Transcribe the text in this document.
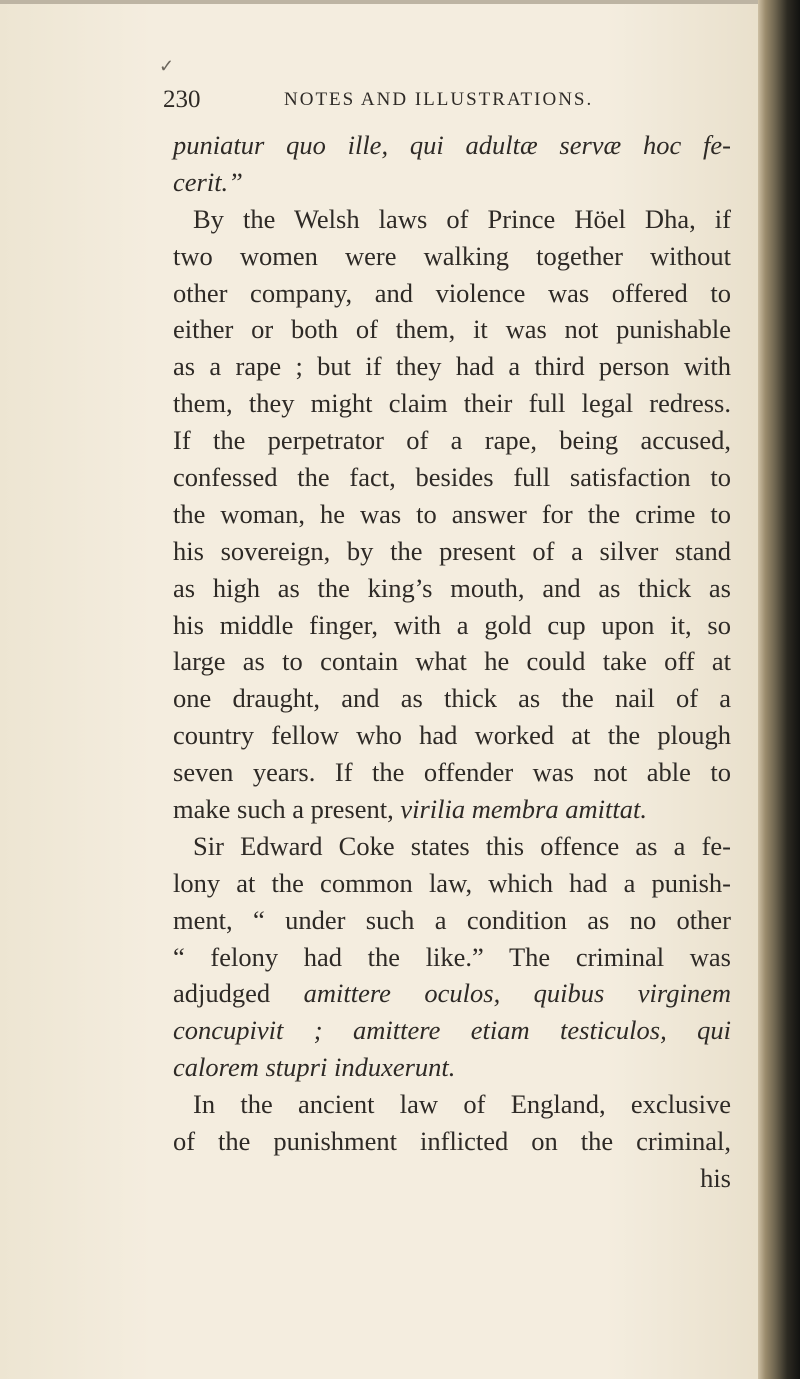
✓
230	NOTES AND ILLUSTRATIONS.
puniatur quo ille, qui adultæ servæ hoc fe-
cerit.”
By the Welsh laws of Prince Höel Dha, if
two women were walking together without
other company, and violence was offered to
either or both of them, it was not punishable
as a rape ; but if they had a third person with
them, they might claim their full legal redress.
If the perpetrator of a rape, being accused,
confessed the fact, besides full satisfaction to
the woman, he was to answer for the crime to
his sovereign, by the present of a silver stand
as high as the king’s mouth, and as thick as
his middle finger, with a gold cup upon it, so
large as to contain what he could take off at
one draught, and as thick as the nail of a
country fellow who had worked at the plough
seven years. If the offender was not able to
make such a present, virilia membra amittat.
Sir Edward Coke states this offence as a fe-
lony at the common law, which had a punish-
ment, “ under such a condition as no other
“ felony had the like.” The criminal was
adjudged amittere oculos, quibus virginem
concupivit ; amittere etiam testiculos, qui
calorem stupri induxerunt.
In the ancient law of England, exclusive
of the punishment inflicted on the criminal,
his
